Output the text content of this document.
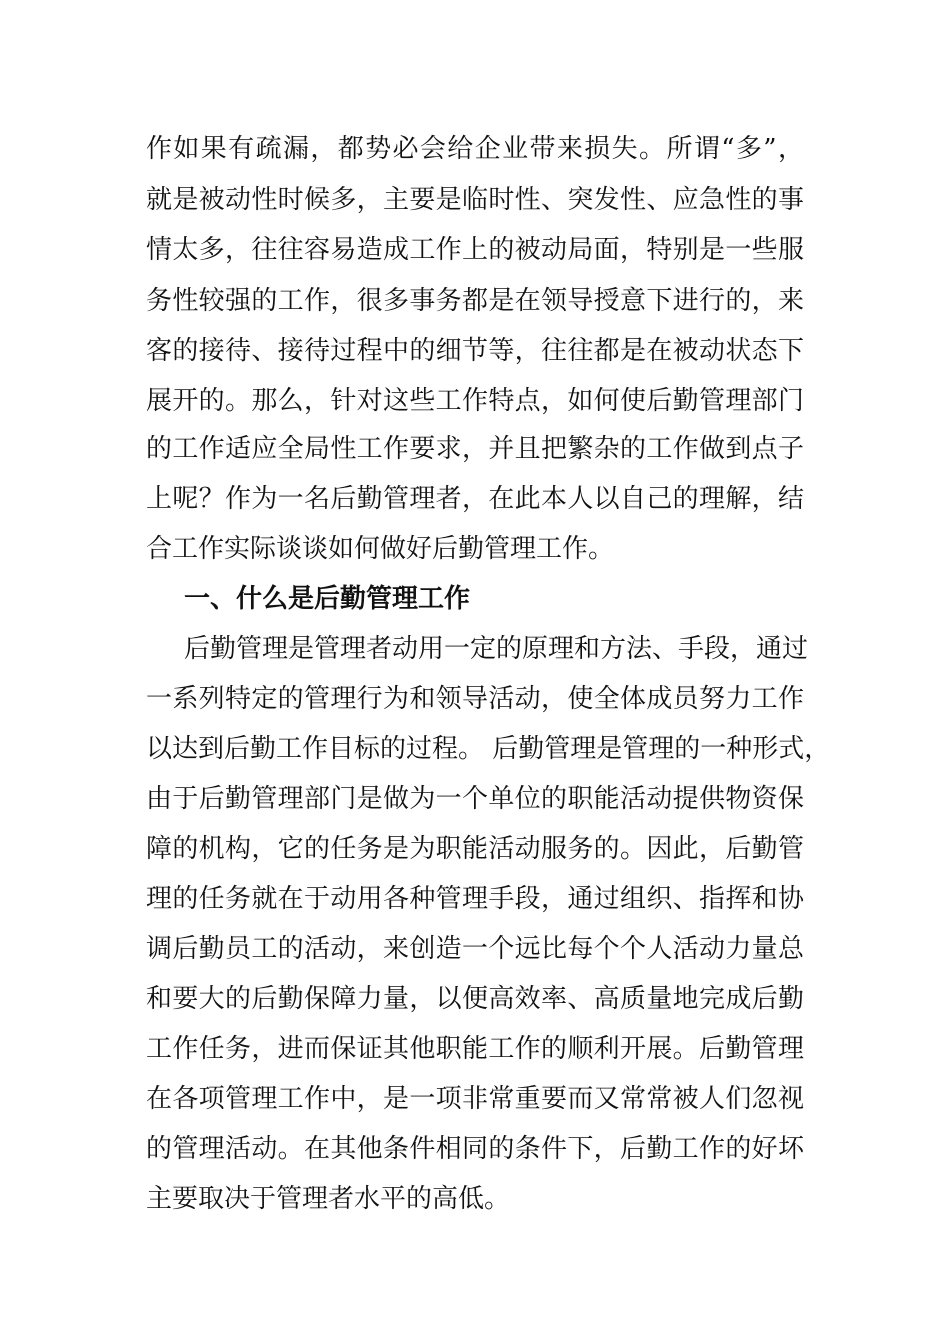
作如果有疏漏，都势必会给企业带来损失。所谓“多”，
就是被动性时候多，主要是临时性、突发性、应急性的事
情太多，往往容易造成工作上的被动局面，特别是一些服
务性较强的工作，很多事务都是在领导授意下进行的，来
客的接待、接待过程中的细节等，往往都是在被动状态下
展开的。那么，针对这些工作特点，如何使后勤管理部门
的工作适应全局性工作要求，并且把繁杂的工作做到点子
上呢？作为一名后勤管理者，在此本人以自己的理解，结
合工作实际谈谈如何做好后勤管理工作。
一、什么是后勤管理工作
后勤管理是管理者动用一定的原理和方法、手段，通过
一系列特定的管理行为和领导活动，使全体成员努力工作
以达到后勤工作目标的过程。 后勤管理是管理的一种形式，
由于后勤管理部门是做为一个单位的职能活动提供物资保
障的机构，它的任务是为职能活动服务的。因此，后勤管
理的任务就在于动用各种管理手段，通过组织、指挥和协
调后勤员工的活动，来创造一个远比每个个人活动力量总
和要大的后勤保障力量，以便高效率、高质量地完成后勤
工作任务，进而保证其他职能工作的顺利开展。后勤管理
在各项管理工作中，是一项非常重要而又常常被人们忽视
的管理活动。在其他条件相同的条件下，后勤工作的好坏
主要取决于管理者水平的高低。
